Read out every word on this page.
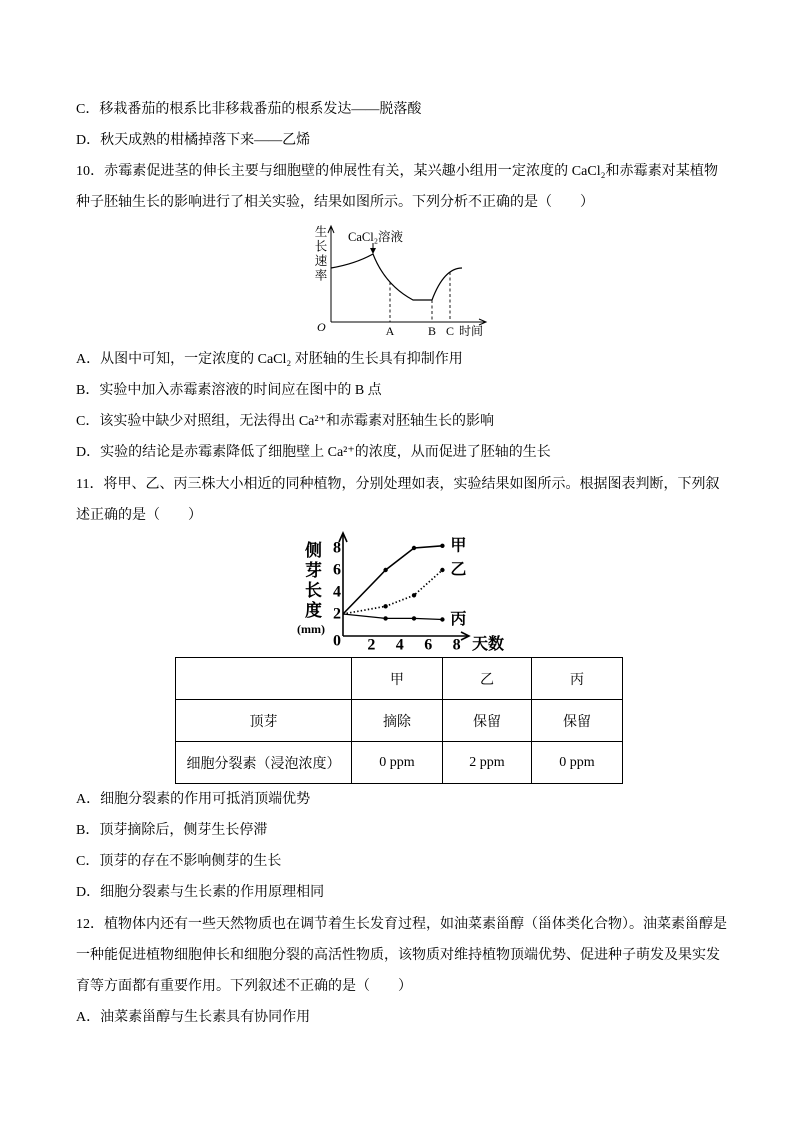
C．移栽番茄的根系比非移栽番茄的根系发达——脱落酸
D．秋天成熟的柑橘掉落下来——乙烯
10．赤霉素促进茎的伸长主要与细胞壁的伸展性有关，某兴趣小组用一定浓度的 CaCl₂和赤霉素对某植物
种子胚轴生长的影响进行了相关实验，结果如图所示。下列分析不正确的是（　　）
生长速率 CaCl₂溶液
O	A	B C 时间
A．从图中可知，一定浓度的 CaCl₂ 对胚轴的生长具有抑制作用
B．实验中加入赤霉素溶液的时间应在图中的 B 点
C．该实验中缺少对照组，无法得出 Ca²⁺和赤霉素对胚轴生长的影响
D．实验的结论是赤霉素降低了细胞壁上 Ca²⁺的浓度，从而促进了胚轴的生长
11．将甲、乙、丙三株大小相近的同种植物，分别处理如表，实验结果如图所示。根据图表判断，下列叙
述正确的是（　　）
0 2 4 6 8
2
4
6
8	甲
乙
丙
侧芽长度
(mm)
天数
	甲	乙	丙
顶芽	摘除	保留	保留
细胞分裂素（浸泡浓度）	0 ppm	2 ppm	0 ppm
A．细胞分裂素的作用可抵消顶端优势
B．顶芽摘除后，侧芽生长停滞
C．顶芽的存在不影响侧芽的生长
D．细胞分裂素与生长素的作用原理相同
12．植物体内还有一些天然物质也在调节着生长发育过程，如油菜素甾醇（甾体类化合物）。油菜素甾醇是
一种能促进植物细胞伸长和细胞分裂的高活性物质，该物质对维持植物顶端优势、促进种子萌发及果实发
育等方面都有重要作用。下列叙述不正确的是（　　）
A．油菜素甾醇与生长素具有协同作用
